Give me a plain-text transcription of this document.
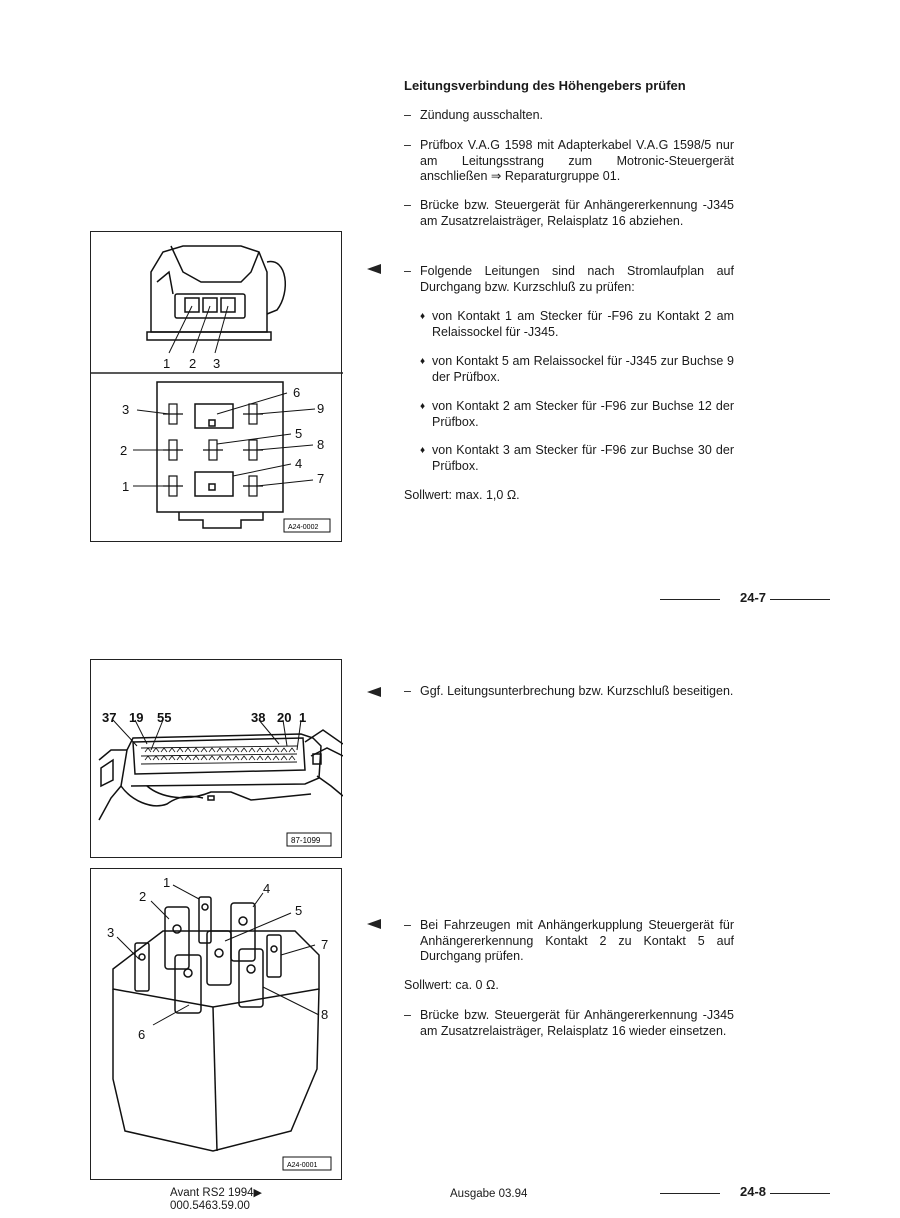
1 2 3
3
2
1
6
9
5
8
4
7
A24-0002
37 19 55	38 20 1
87-1099
1
2
3
4
5
6
7
8
A24-0001
Leitungsverbindung des Höhengebers prüfen
– Zündung ausschalten.
– Prüfbox V.A.G 1598 mit Adapterkabel V.A.G 1598/5 nur am Leitungsstrang zum Motronic-Steuergerät anschließen ⇒ Reparaturgruppe 01.
– Brücke bzw. Steuergerät für Anhängererkennung -J345 am Zusatzrelaisträger, Relaisplatz 16 abziehen.
– Folgende Leitungen sind nach Stromlaufplan auf Durchgang bzw. Kurzschluß zu prüfen:
♦ von Kontakt 1 am Stecker für -F96 zu Kontakt 2 am Relaissockel für -J345.
♦ von Kontakt 5 am Relaissockel für -J345 zur Buchse 9 der Prüfbox.
♦ von Kontakt 2 am Stecker für -F96 zur Buchse 12 der Prüfbox.
♦ von Kontakt 3 am Stecker für -F96 zur Buchse 30 der Prüfbox.
Sollwert: max. 1,0 Ω.
24-7
– Ggf. Leitungsunterbrechung bzw. Kurzschluß beseitigen.
– Bei Fahrzeugen mit Anhängerkupplung Steuergerät für Anhängererkennung Kontakt 2 zu Kontakt 5 auf Durchgang prüfen.
Sollwert: ca. 0 Ω.
– Brücke bzw. Steuergerät für Anhängererkennung -J345 am Zusatzrelaisträger, Relaisplatz 16 wieder einsetzen.
Avant RS2 1994▶
000.5463.59.00
Ausgabe 03.94	24-8
